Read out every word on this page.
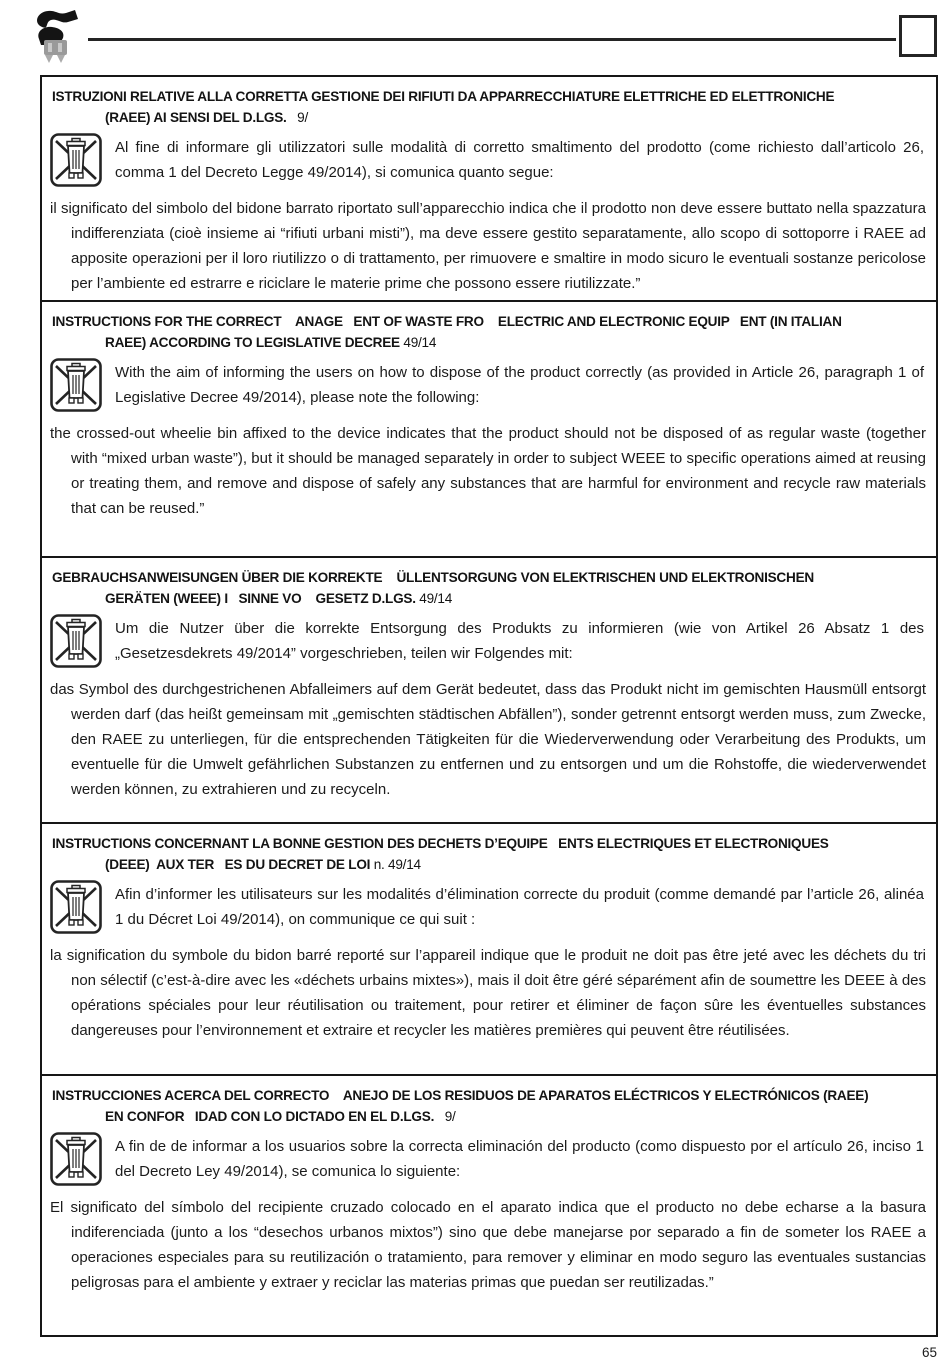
ISTRUZIONI RELATIVE ALLA CORRETTA GESTIONE DEI RIFIUTI DA APPARRECCHIATURE ELETTRICHE ED ELETTRONICHE
(RAEE) AI SENSI DEL D.LGS.   9/

Al fine di informare gli utilizzatori sulle modalità di corretto smaltimento del prodotto (come richiesto dall’articolo 26, comma 1 del Decreto Legge 49/2014), si comunica quanto segue:

il significato del simbolo del bidone barrato riportato sull’apparecchio indica che il prodotto non deve essere buttato nella spazzatura indifferenziata (cioè insieme ai “rifiuti urbani misti”), ma deve essere gestito separatamente, allo scopo di sottoporre i RAEE ad apposite operazioni per il loro riutilizzo o di trattamento, per rimuovere e smaltire in modo sicuro le eventuali sostanze pericolose per l’ambiente ed estrarre e riciclare le materie prime che possono essere riutilizzate.”

INSTRUCTIONS FOR THE CORRECT    ANAGE   ENT OF WASTE FRO    ELECTRIC AND ELECTRONIC EQUIP   ENT (IN ITALIAN
RAEE) ACCORDING TO LEGISLATIVE DECREE 49/14

With the aim of informing the users on how to dispose of the product correctly (as provided in Article 26, paragraph 1 of Legislative Decree 49/2014), please note the following:

the crossed-out wheelie bin affixed to the device indicates that the product should not be disposed of as regular waste (together with “mixed urban waste”), but it should be managed separately in order to subject WEEE to specific operations aimed at reusing or treating them, and remove and dispose of safely any substances that are harmful for environment and recycle raw materials that can be reused.”

GEBRAUCHSANWEISUNGEN ÜBER DIE KORREKTE    ÜLLENTSORGUNG VON ELEKTRISCHEN UND ELEKTRONISCHEN
GERÄTEN (WEEE) I   SINNE VO    GESETZ D.LGS. 49/14

Um die Nutzer über die korrekte Entsorgung des Produkts zu informieren (wie von Artikel 26 Absatz 1 des „Gesetzesdekrets 49/2014” vorgeschrieben, teilen wir Folgendes mit:

das Symbol des durchgestrichenen Abfalleimers auf dem Gerät bedeutet, dass das Produkt nicht im gemischten Hausmüll entsorgt werden darf (das heißt gemeinsam mit „gemischten städtischen Abfällen”), sonder getrennt entsorgt werden muss, zum Zwecke, den RAEE zu unterliegen, für die entsprechenden Tätigkeiten für die Wiederverwendung oder Verarbeitung des Produkts, um eventuelle für die Umwelt gefährlichen Substanzen zu entfernen und zu entsorgen und um die Rohstoffe, die wiederverwendet werden können, zu extrahieren und zu recyceln.

INSTRUCTIONS CONCERNANT LA BONNE GESTION DES DECHETS D’EQUIPE   ENTS ELECTRIQUES ET ELECTRONIQUES
(DEEE)  AUX TER   ES DU DECRET DE LOI n. 49/14

Afin d’informer les utilisateurs sur les modalités d’élimination correcte du produit (comme demandé par l’article 26, alinéa 1 du Décret Loi 49/2014), on communique ce qui suit :

la signification du symbole du bidon barré reporté sur l’appareil indique que le produit ne doit pas être jeté avec les déchets du tri non sélectif (c’est-à-dire avec les «déchets urbains mixtes»), mais il doit être géré séparément afin de soumettre les DEEE à des opérations spéciales pour leur réutilisation ou traitement, pour retirer et éliminer de façon sûre les éventuelles substances dangereuses pour l’environnement et extraire et recycler les matières premières qui peuvent être réutilisées.

INSTRUCCIONES ACERCA DEL CORRECTO    ANEJO DE LOS RESIDUOS DE APARATOS ELÉCTRICOS Y ELECTRÓNICOS (RAEE)
EN CONFOR   IDAD CON LO DICTADO EN EL D.LGS.   9/

A fin de de informar a los usuarios sobre la correcta eliminación del producto (como dispuesto por el artículo 26, inciso 1 del Decreto Ley 49/2014), se comunica lo siguiente:

El significato del símbolo del recipiente cruzado colocado en el aparato indica que el producto no debe echarse a la basura indiferenciada (junto a los “desechos urbanos mixtos”) sino que debe manejarse por separado a fin de someter los RAEE a operaciones especiales para su reutilización o tratamiento, para remover y eliminar en modo seguro las eventuales sustancias peligrosas para el ambiente y extraer y reciclar las materias primas que puedan ser reutilizadas.”

65
